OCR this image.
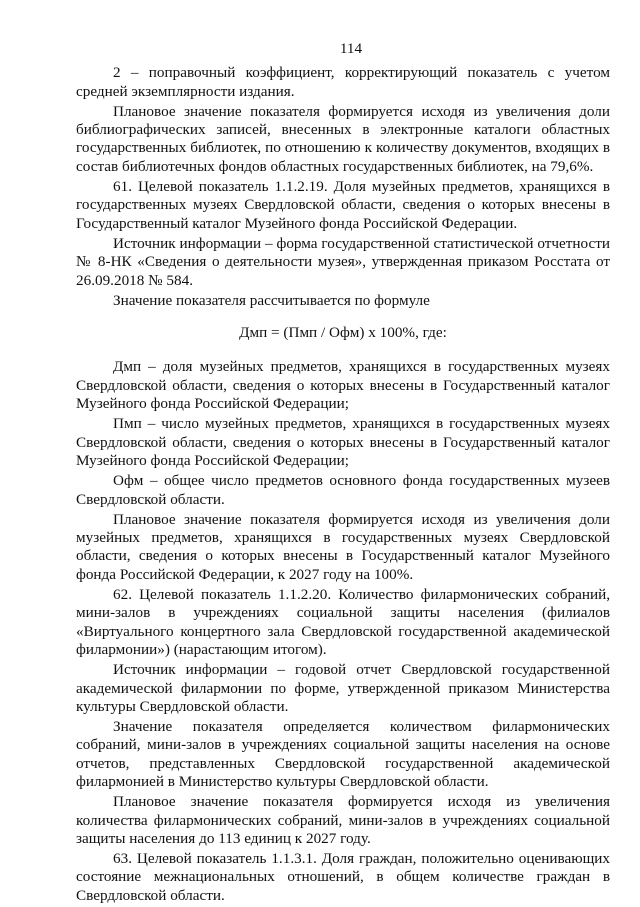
114

2 – поправочный коэффициент, корректирующий показатель с учетом средней экземплярности издания.

Плановое значение показателя формируется исходя из увеличения доли библиографических записей, внесенных в электронные каталоги областных государственных библиотек, по отношению к количеству документов, входящих в состав библиотечных фондов областных государственных библиотек, на 79,6%.

61. Целевой показатель 1.1.2.19. Доля музейных предметов, хранящихся в государственных музеях Свердловской области, сведения о которых внесены в Государственный каталог Музейного фонда Российской Федерации.

Источник информации – форма государственной статистической отчетности № 8-НК «Сведения о деятельности музея», утвержденная приказом Росстата от 26.09.2018 № 584.

Значение показателя рассчитывается по формуле

Дмп = (Пмп / Офм) x 100%, где:

Дмп – доля музейных предметов, хранящихся в государственных музеях Свердловской области, сведения о которых внесены в Государственный каталог Музейного фонда Российской Федерации;

Пмп – число музейных предметов, хранящихся в государственных музеях Свердловской области, сведения о которых внесены в Государственный каталог Музейного фонда Российской Федерации;

Офм – общее число предметов основного фонда государственных музеев Свердловской области.

Плановое значение показателя формируется исходя из увеличения доли музейных предметов, хранящихся в государственных музеях Свердловской области, сведения о которых внесены в Государственный каталог Музейного фонда Российской Федерации, к 2027 году на 100%.

62. Целевой показатель 1.1.2.20. Количество филармонических собраний, мини-залов в учреждениях социальной защиты населения (филиалов «Виртуального концертного зала Свердловской государственной академической филармонии») (нарастающим итогом).

Источник информации – годовой отчет Свердловской государственной академической филармонии по форме, утвержденной приказом Министерства культуры Свердловской области.

Значение показателя определяется количеством филармонических собраний, мини-залов в учреждениях социальной защиты населения на основе отчетов, представленных Свердловской государственной академической филармонией в Министерство культуры Свердловской области.

Плановое значение показателя формируется исходя из увеличения количества филармонических собраний, мини-залов в учреждениях социальной защиты населения до 113 единиц к 2027 году.

63. Целевой показатель 1.1.3.1. Доля граждан, положительно оценивающих состояние межнациональных отношений, в общем количестве граждан в Свердловской области.
